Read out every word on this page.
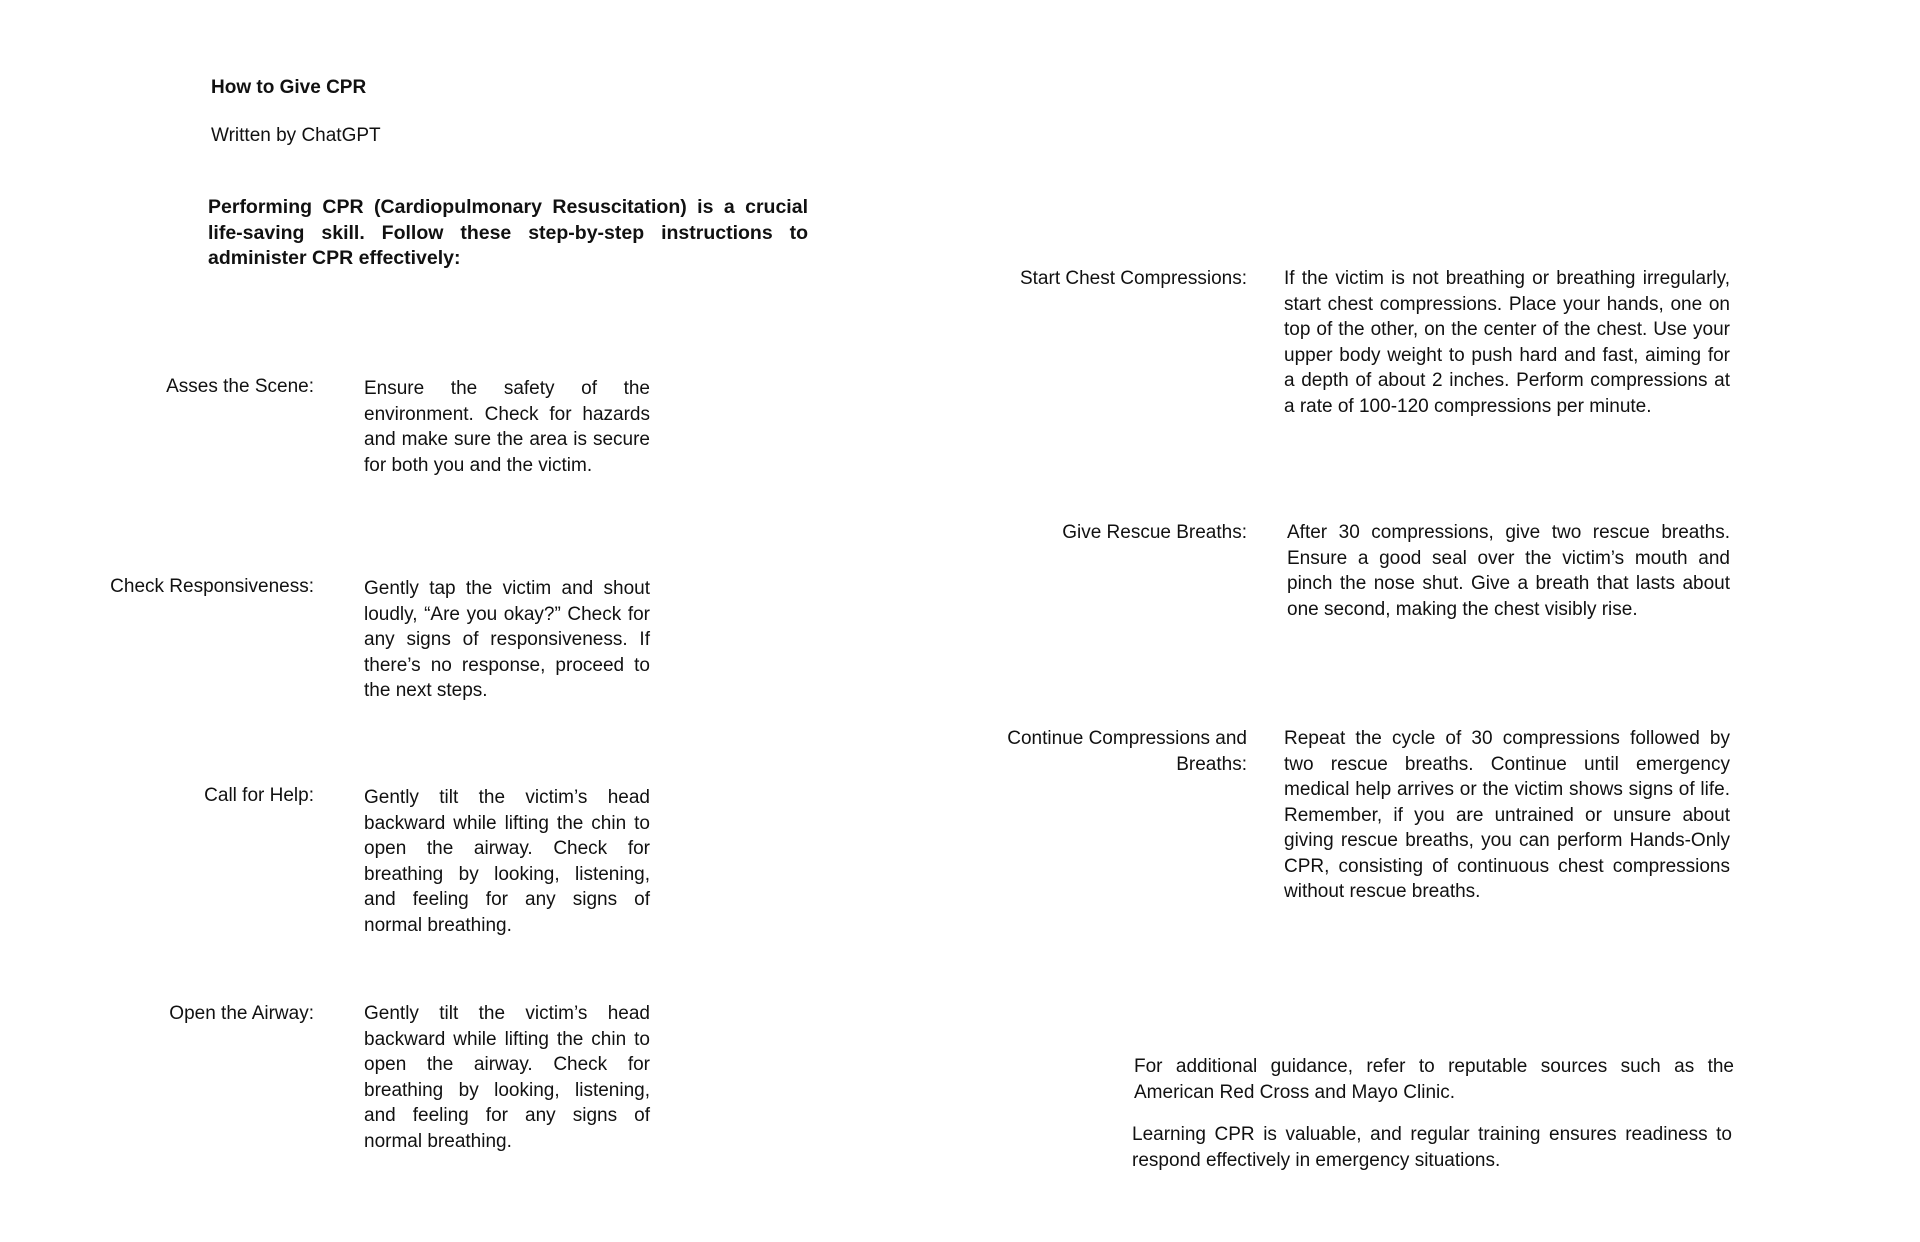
How to Give CPR
Written by ChatGPT
Performing CPR (Cardiopulmonary Resuscitation) is a crucial life-saving skill. Follow these step-by-step instructions to administer CPR effectively:
Asses the Scene:	Ensure the safety of the environment. Check for hazards and make sure the area is secure for both you and the victim.
Check Responsiveness:	Gently tap the victim and shout loudly, “Are you okay?” Check for any signs of responsiveness. If there’s no response, proceed to the next steps.
Call for Help:	Gently tilt the victim’s head backward while lifting the chin to open the airway. Check for breathing by looking, listening, and feeling for any signs of normal breathing.
Open the Airway:	Gently tilt the victim’s head backward while lifting the chin to open the airway. Check for breathing by looking, listening, and feeling for any signs of normal breathing.
Start Chest Compressions: If the victim is not breathing or breathing irregularly, start chest compressions. Place your hands, one on top of the other, on the center of the chest. Use your upper body weight to push hard and fast, aiming for a depth of about 2 inches. Perform compressions at a rate of 100-120 compressions per minute.
Give Rescue Breaths: After 30 compressions, give two rescue breaths. Ensure a good seal over the victim’s mouth and pinch the nose shut. Give a breath that lasts about one second, making the chest visibly rise.
Continue Compressions and Breaths:
Repeat the cycle of 30 compressions followed by two rescue breaths. Continue until emergency medical help arrives or the victim shows signs of life. Remember, if you are untrained or unsure about giving rescue breaths, you can perform Hands-Only CPR, consisting of continuous chest compressions without rescue breaths.
For additional guidance, refer to reputable sources such as the American Red Cross and Mayo Clinic.
Learning CPR is valuable, and regular training ensures readiness to respond effectively in emergency situations.
